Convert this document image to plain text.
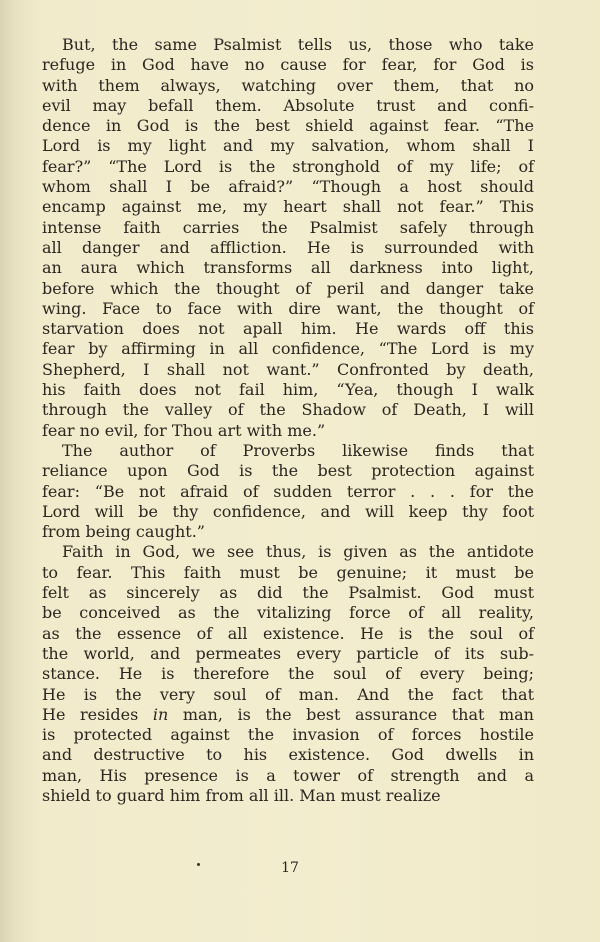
But, the same Psalmist tells us, those who take
refuge in God have no cause for fear, for God is
with them always, watching over them, that no
evil may befall them. Absolute trust and confi-
dence in God is the best shield against fear. “The
Lord is my light and my salvation, whom shall I
fear?” “The Lord is the stronghold of my life; of
whom shall I be afraid?” “Though a host should
encamp against me, my heart shall not fear.” This
intense faith carries the Psalmist safely through
all danger and affliction. He is surrounded with
an aura which transforms all darkness into light,
before which the thought of peril and danger take
wing. Face to face with dire want, the thought of
starvation does not apall him. He wards off this
fear by affirming in all confidence, “The Lord is my
Shepherd, I shall not want.” Confronted by death,
his faith does not fail him, “Yea, though I walk
through the valley of the Shadow of Death, I will
fear no evil, for Thou art with me.”
The author of Proverbs likewise finds that
reliance upon God is the best protection against
fear: “Be not afraid of sudden terror . . . for the
Lord will be thy confidence, and will keep thy foot
from being caught.”
Faith in God, we see thus, is given as the antidote
to fear. This faith must be genuine; it must be
felt as sincerely as did the Psalmist. God must
be conceived as the vitalizing force of all reality,
as the essence of all existence. He is the soul of
the world, and permeates every particle of its sub-
stance. He is therefore the soul of every being;
He is the very soul of man. And the fact that
He resides in man, is the best assurance that man
is protected against the invasion of forces hostile
and destructive to his existence. God dwells in
man, His presence is a tower of strength and a
shield to guard him from all ill. Man must realize
17
